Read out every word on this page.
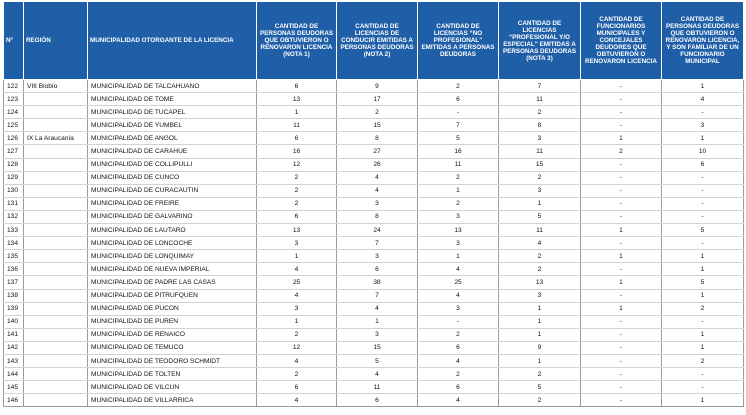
Nº	REGIÓN	MUNICIPALIDAD OTORGANTE DE LA LICENCIA	CANTIDAD DE PERSONAS DEUDORAS QUE OBTUVIERON O RENOVARON LICENCIA (NOTA 1)	CANTIDAD DE LICENCIAS DE CONDUCIR EMITIDAS A PERSONAS DEUDORAS (NOTA 2)	CANTIDAD DE LICENCIAS “NO PROFESIONAL” EMITIDAS A PERSONAS DEUDORAS	CANTIDAD DE LICENCIAS “PROFESIONAL Y/O ESPECIAL” EMITIDAS A PERSONAS DEUDORAS (NOTA 3)	CANTIDAD DE FUNCIONARIOS MUNICIPALES Y CONCEJALES DEUDORES QUE OBTUVIERON O RENOVARON LICENCIA	CANTIDAD DE PERSONAS DEUDORAS QUE OBTUVIERON O RENOVARON LICENCIA, Y SON FAMILIAR DE UN FUNCIONARIO MUNICIPAL
122	VIII Biobío	MUNICIPALIDAD DE TALCAHUANO	6	9	2	7	-	1
123		MUNICIPALIDAD DE TOME	13	17	6	11	-	4
124		MUNICIPALIDAD DE TUCAPEL	1	2	-	2	-	-
125		MUNICIPALIDAD DE YUMBEL	11	15	7	8	-	3
126	IX La Araucanía	MUNICIPALIDAD DE ANGOL	6	8	5	3	1	1
127		MUNICIPALIDAD DE CARAHUE	16	27	16	11	2	10
128		MUNICIPALIDAD DE COLLIPULLI	12	26	11	15	-	6
129		MUNICIPALIDAD DE CUNCO	2	4	2	2	-	-
130		MUNICIPALIDAD DE CURACAUTIN	2	4	1	3	-	-
131		MUNICIPALIDAD DE FREIRE	2	3	2	1	-	-
132		MUNICIPALIDAD DE GALVARINO	6	8	3	5	-	-
133		MUNICIPALIDAD DE LAUTARO	13	24	13	11	1	5
134		MUNICIPALIDAD DE LONCOCHE	3	7	3	4	-	-
135		MUNICIPALIDAD DE LONQUIMAY	1	3	1	2	1	1
136		MUNICIPALIDAD DE NUEVA IMPERIAL	4	6	4	2	-	1
137		MUNICIPALIDAD DE PADRE LAS CASAS	25	38	25	13	1	5
138		MUNICIPALIDAD DE PITRUFQUEN	4	7	4	3	-	1
139		MUNICIPALIDAD DE PUCON	3	4	3	1	1	2
140		MUNICIPALIDAD DE PUREN	1	1	-	1	-	-
141		MUNICIPALIDAD DE RENAICO	2	3	2	1	-	1
142		MUNICIPALIDAD DE TEMUCO	12	15	6	9	-	1
143		MUNICIPALIDAD DE TEODORO SCHMIDT	4	5	4	1	-	2
144		MUNICIPALIDAD DE TOLTEN	2	4	2	2	-	-
145		MUNICIPALIDAD DE VILCUN	6	11	6	5	-	-
146		MUNICIPALIDAD DE VILLARRICA	4	6	4	2	-	1
